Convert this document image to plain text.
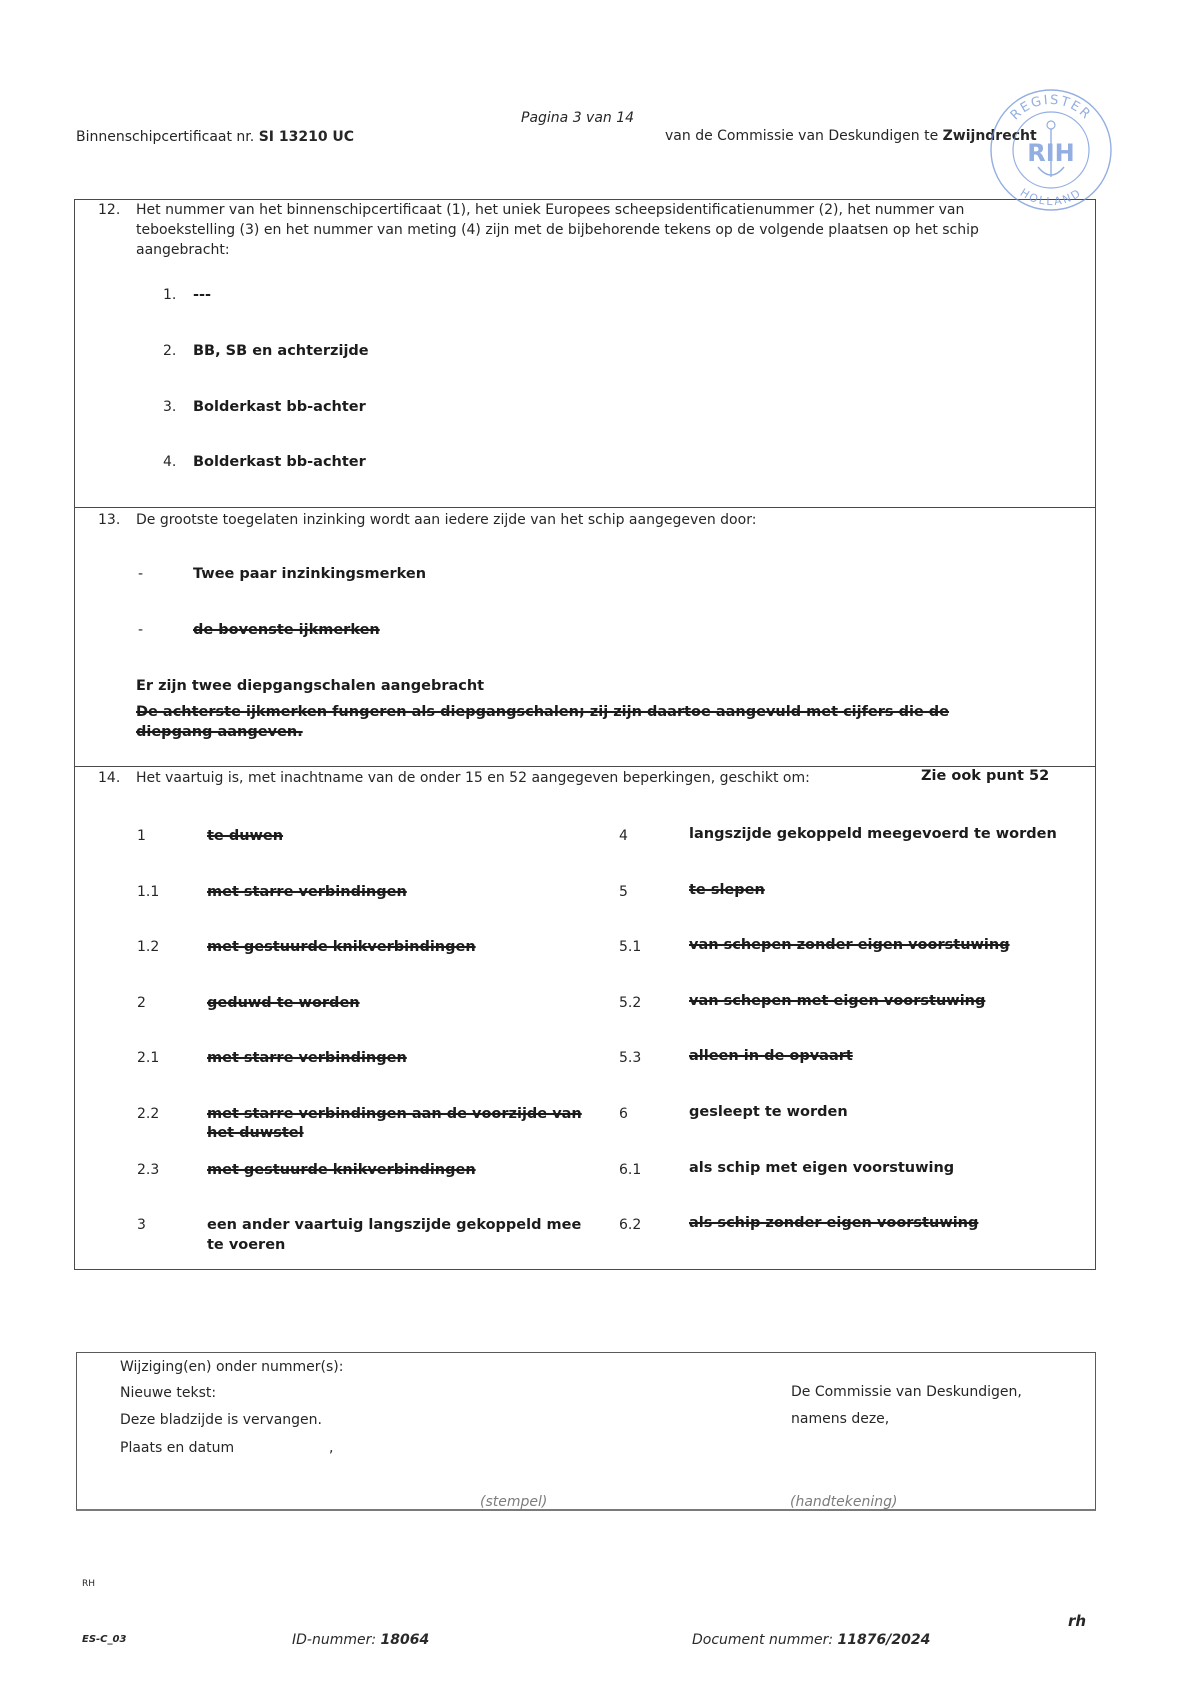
Binnenschipcertificaat nr. SI 13210 UC
Pagina 3 van 14
van de Commissie van Deskundigen te Zwijndrecht
12. Het nummer van het binnenschipcertificaat (1), het uniek Europees scheepsidentificatienummer (2), het nummer van
teboekstelling (3) en het nummer van meting (4) zijn met de bijbehorende tekens op de volgende plaatsen op het schip
aangebracht:
1. ---
2. BB, SB en achterzijde
3. Bolderkast bb-achter
4. Bolderkast bb-achter
13. De grootste toegelaten inzinking wordt aan iedere zijde van het schip aangegeven door:
-	Twee paar inzinkingsmerken
-	de bovenste ijkmerken
Er zijn twee diepgangschalen aangebracht
De achterste ijkmerken fungeren als diepgangschalen; zij zijn daartoe aangevuld met cijfers die de
diepgang aangeven.
14. Het vaartuig is, met inachtname van de onder 15 en 52 aangegeven beperkingen, geschikt om:	Zie ook punt 52
1	te duwen
1.1	met starre verbindingen
1.2	met gestuurde knikverbindingen
2	geduwd te worden
2.1	met starre verbindingen
2.2	met starre verbindingen aan de voorzijde van
het duwstel
2.3	met gestuurde knikverbindingen
3	een ander vaartuig langszijde gekoppeld mee
te voeren
4	langszijde gekoppeld meegevoerd te worden
5	te slepen
5.1	van schepen zonder eigen voorstuwing
5.2	van schepen met eigen voorstuwing
5.3	alleen in de opvaart
6	gesleept te worden
6.1	als schip met eigen voorstuwing
6.2	als schip zonder eigen voorstuwing
Wijziging(en) onder nummer(s):
Nieuwe tekst:
Deze bladzijde is vervangen.
Plaats en datum	,
De Commissie van Deskundigen,
namens deze,
(stempel)	(handtekening)
RH
ES-C_03	ID-nummer: 18064	Document nummer: 11876/2024
rh
REGISTER
HOLLAND
RIH
